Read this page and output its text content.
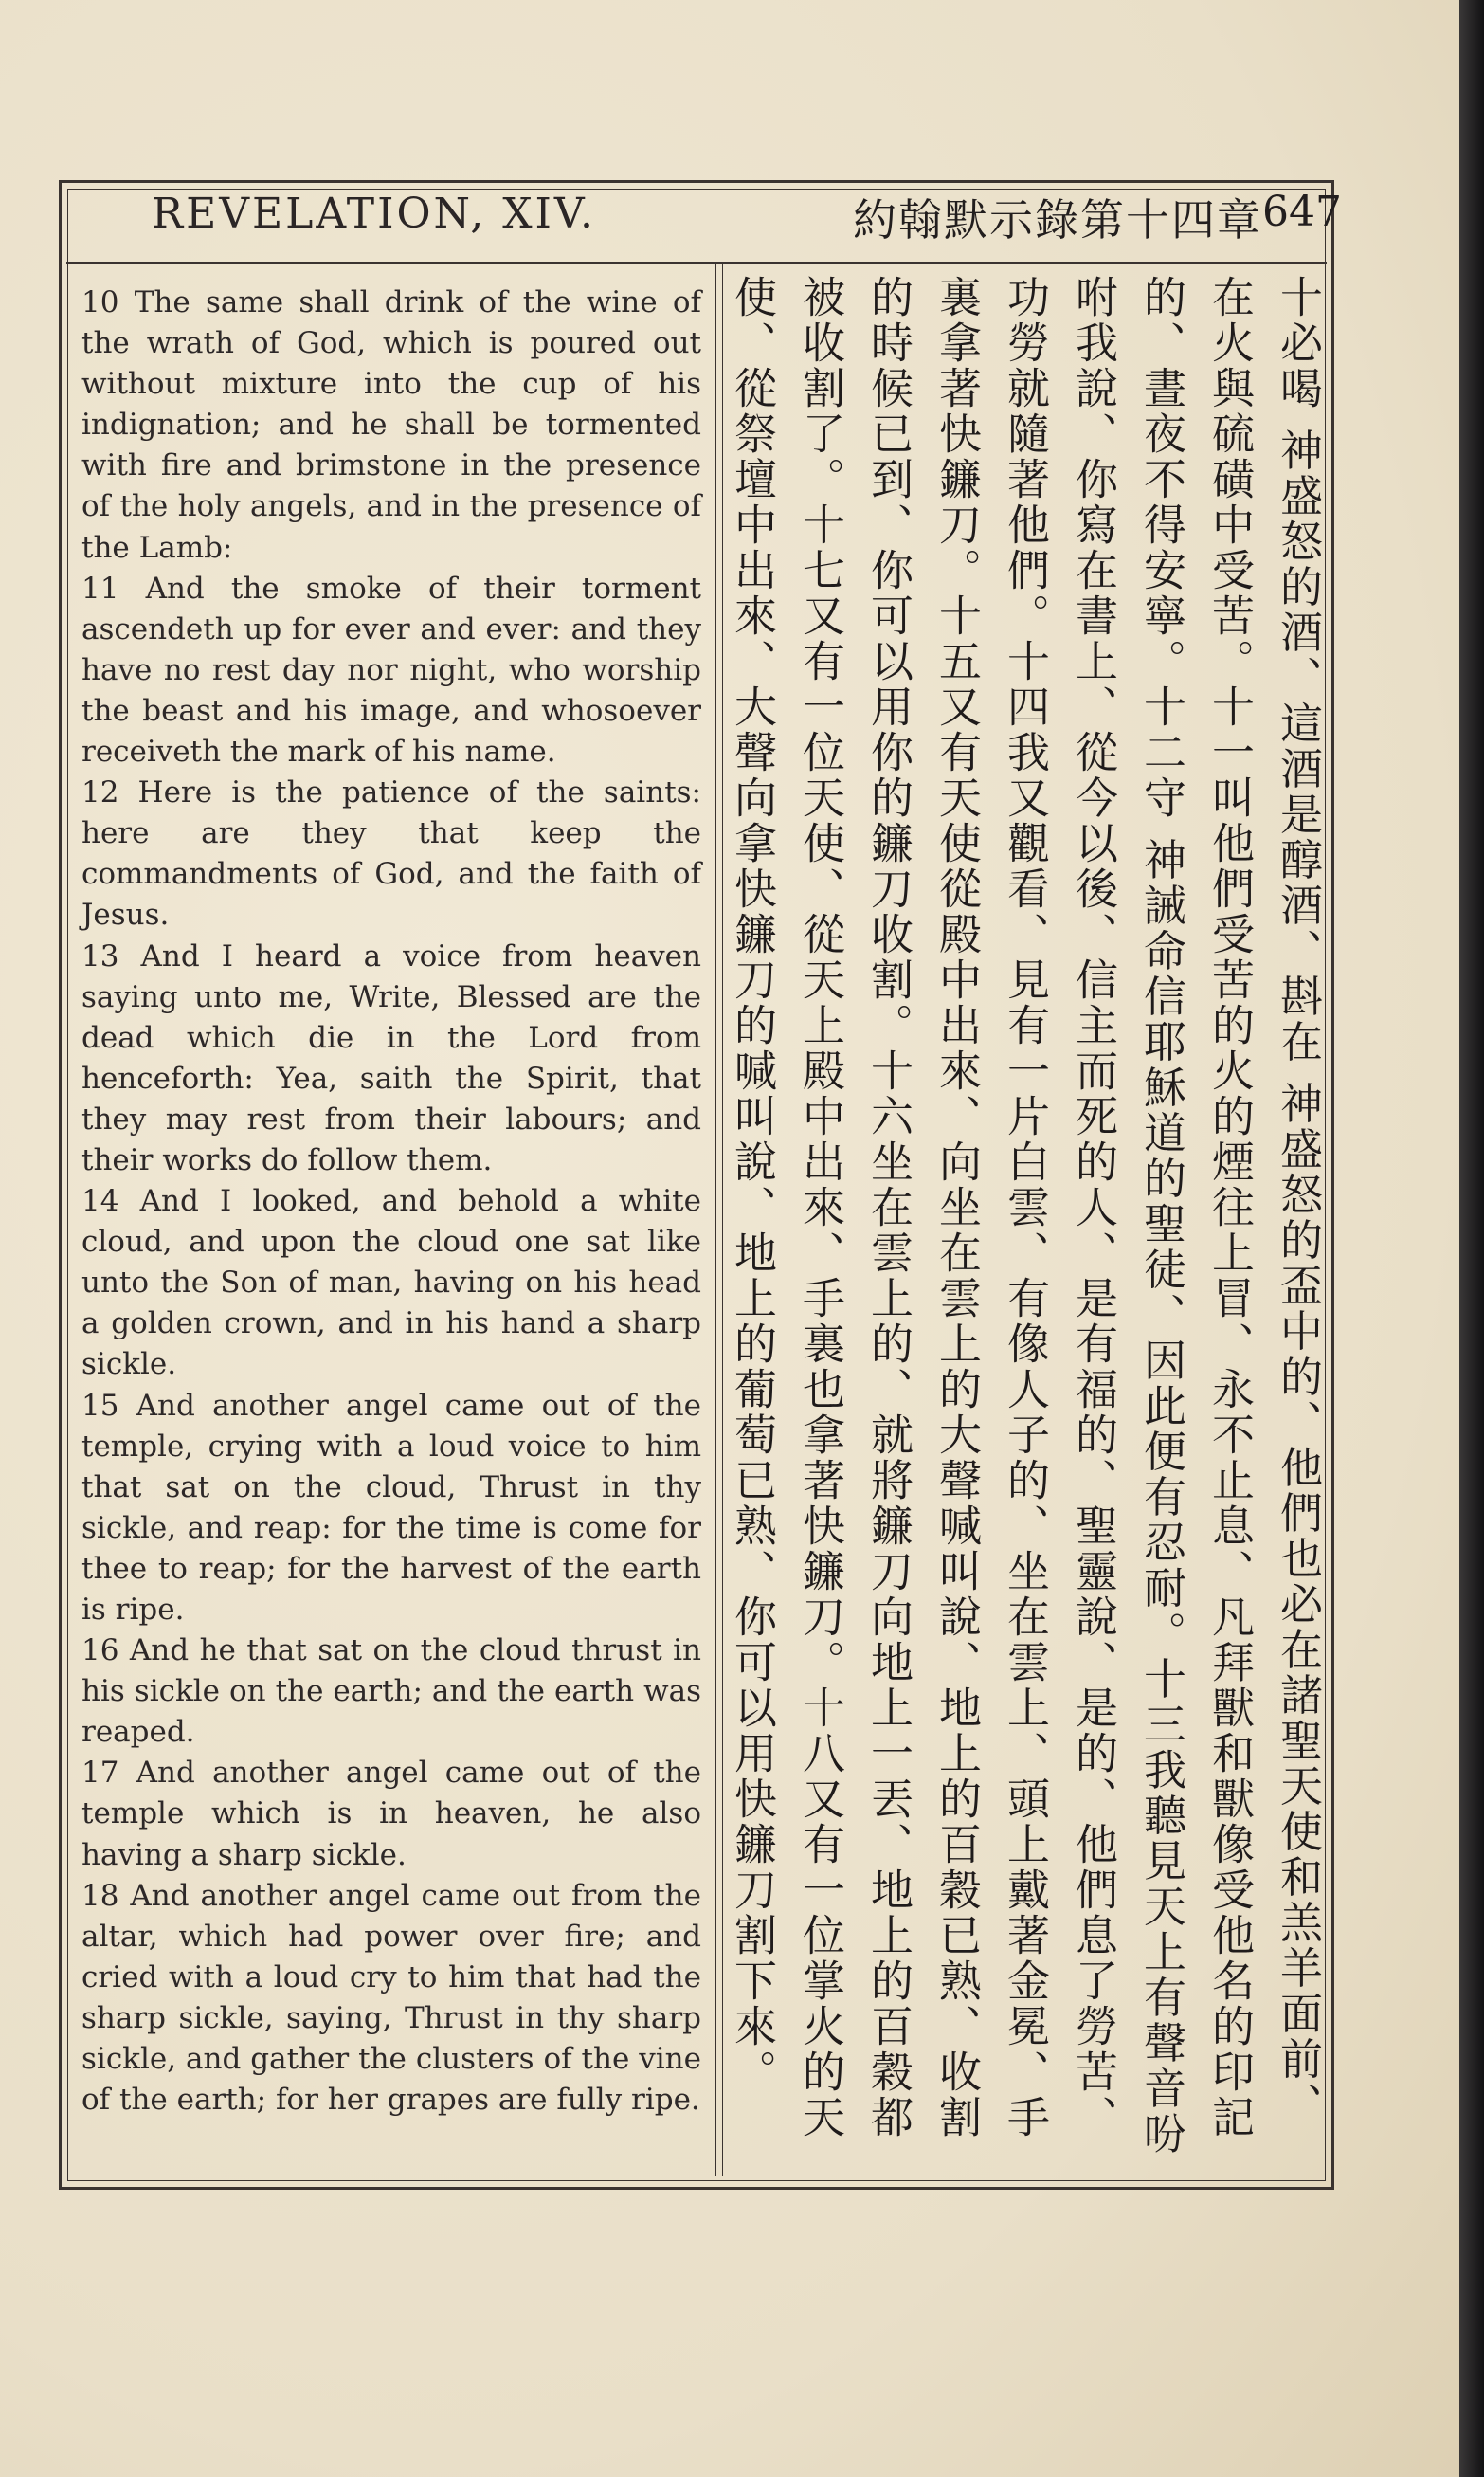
REVELATION, XIV.	約翰默示錄第十四章 647

10 The same shall drink of the wine of the wrath of God, which is poured out without mixture into the cup of his indignation; and he shall be tormented with fire and brimstone in the presence of the holy angels, and in the presence of the Lamb:

11 And the smoke of their torment ascendeth up for ever and ever: and they have no rest day nor night, who worship the beast and his image, and whosoever receiveth the mark of his name.

12 Here is the patience of the saints: here are they that keep the commandments of God, and the faith of Jesus.

13 And I heard a voice from heaven saying unto me, Write, Blessed are the dead which die in the Lord from henceforth: Yea, saith the Spirit, that they may rest from their labours; and their works do follow them.

14 And I looked, and behold a white cloud, and upon the cloud one sat like unto the Son of man, having on his head a golden crown, and in his hand a sharp sickle.

15 And another angel came out of the temple, crying with a loud voice to him that sat on the cloud, Thrust in thy sickle, and reap: for the time is come for thee to reap; for the harvest of the earth is ripe.

16 And he that sat on the cloud thrust in his sickle on the earth; and the earth was reaped.

17 And another angel came out of the temple which is in heaven, he also having a sharp sickle.

18 And another angel came out from the altar, which had power over fire; and cried with a loud cry to him that had the sharp sickle, saying, Thrust in thy sharp sickle, and gather the clusters of the vine of the earth; for her grapes are fully ripe.	十必喝 神盛怒的酒、這酒是醇酒、斟在 神盛怒的盃中的、他們也必在諸聖天使和羔羊面前、在火與硫磺中受苦。十一叫他們受苦的火的煙往上冒、永不止息、凡拜獸和獸像受他名的印記的、晝夜不得安寧。十二守 神誡命信耶穌道的聖徒、因此便有忍耐。十三我聽見天上有聲音吩咐我說、你寫在書上、從今以後、信主而死的人、是有福的、聖靈說、是的、他們息了勞苦、功勞就隨著他們。十四我又觀看、見有一片白雲、有像人子的、坐在雲上、頭上戴著金冕、手裏拿著快鐮刀。十五又有天使從殿中出來、向坐在雲上的大聲喊叫說、地上的百穀已熟、收割的時候已到、你可以用你的鐮刀收割。十六坐在雲上的、就將鐮刀向地上一丟、地上的百穀都被收割了。十七又有一位天使、從天上殿中出來、手裏也拿著快鐮刀。十八又有一位掌火的天使、從祭壇中出來、大聲向拿快鐮刀的喊叫說、地上的葡萄已熟、你可以用快鐮刀割下來。
